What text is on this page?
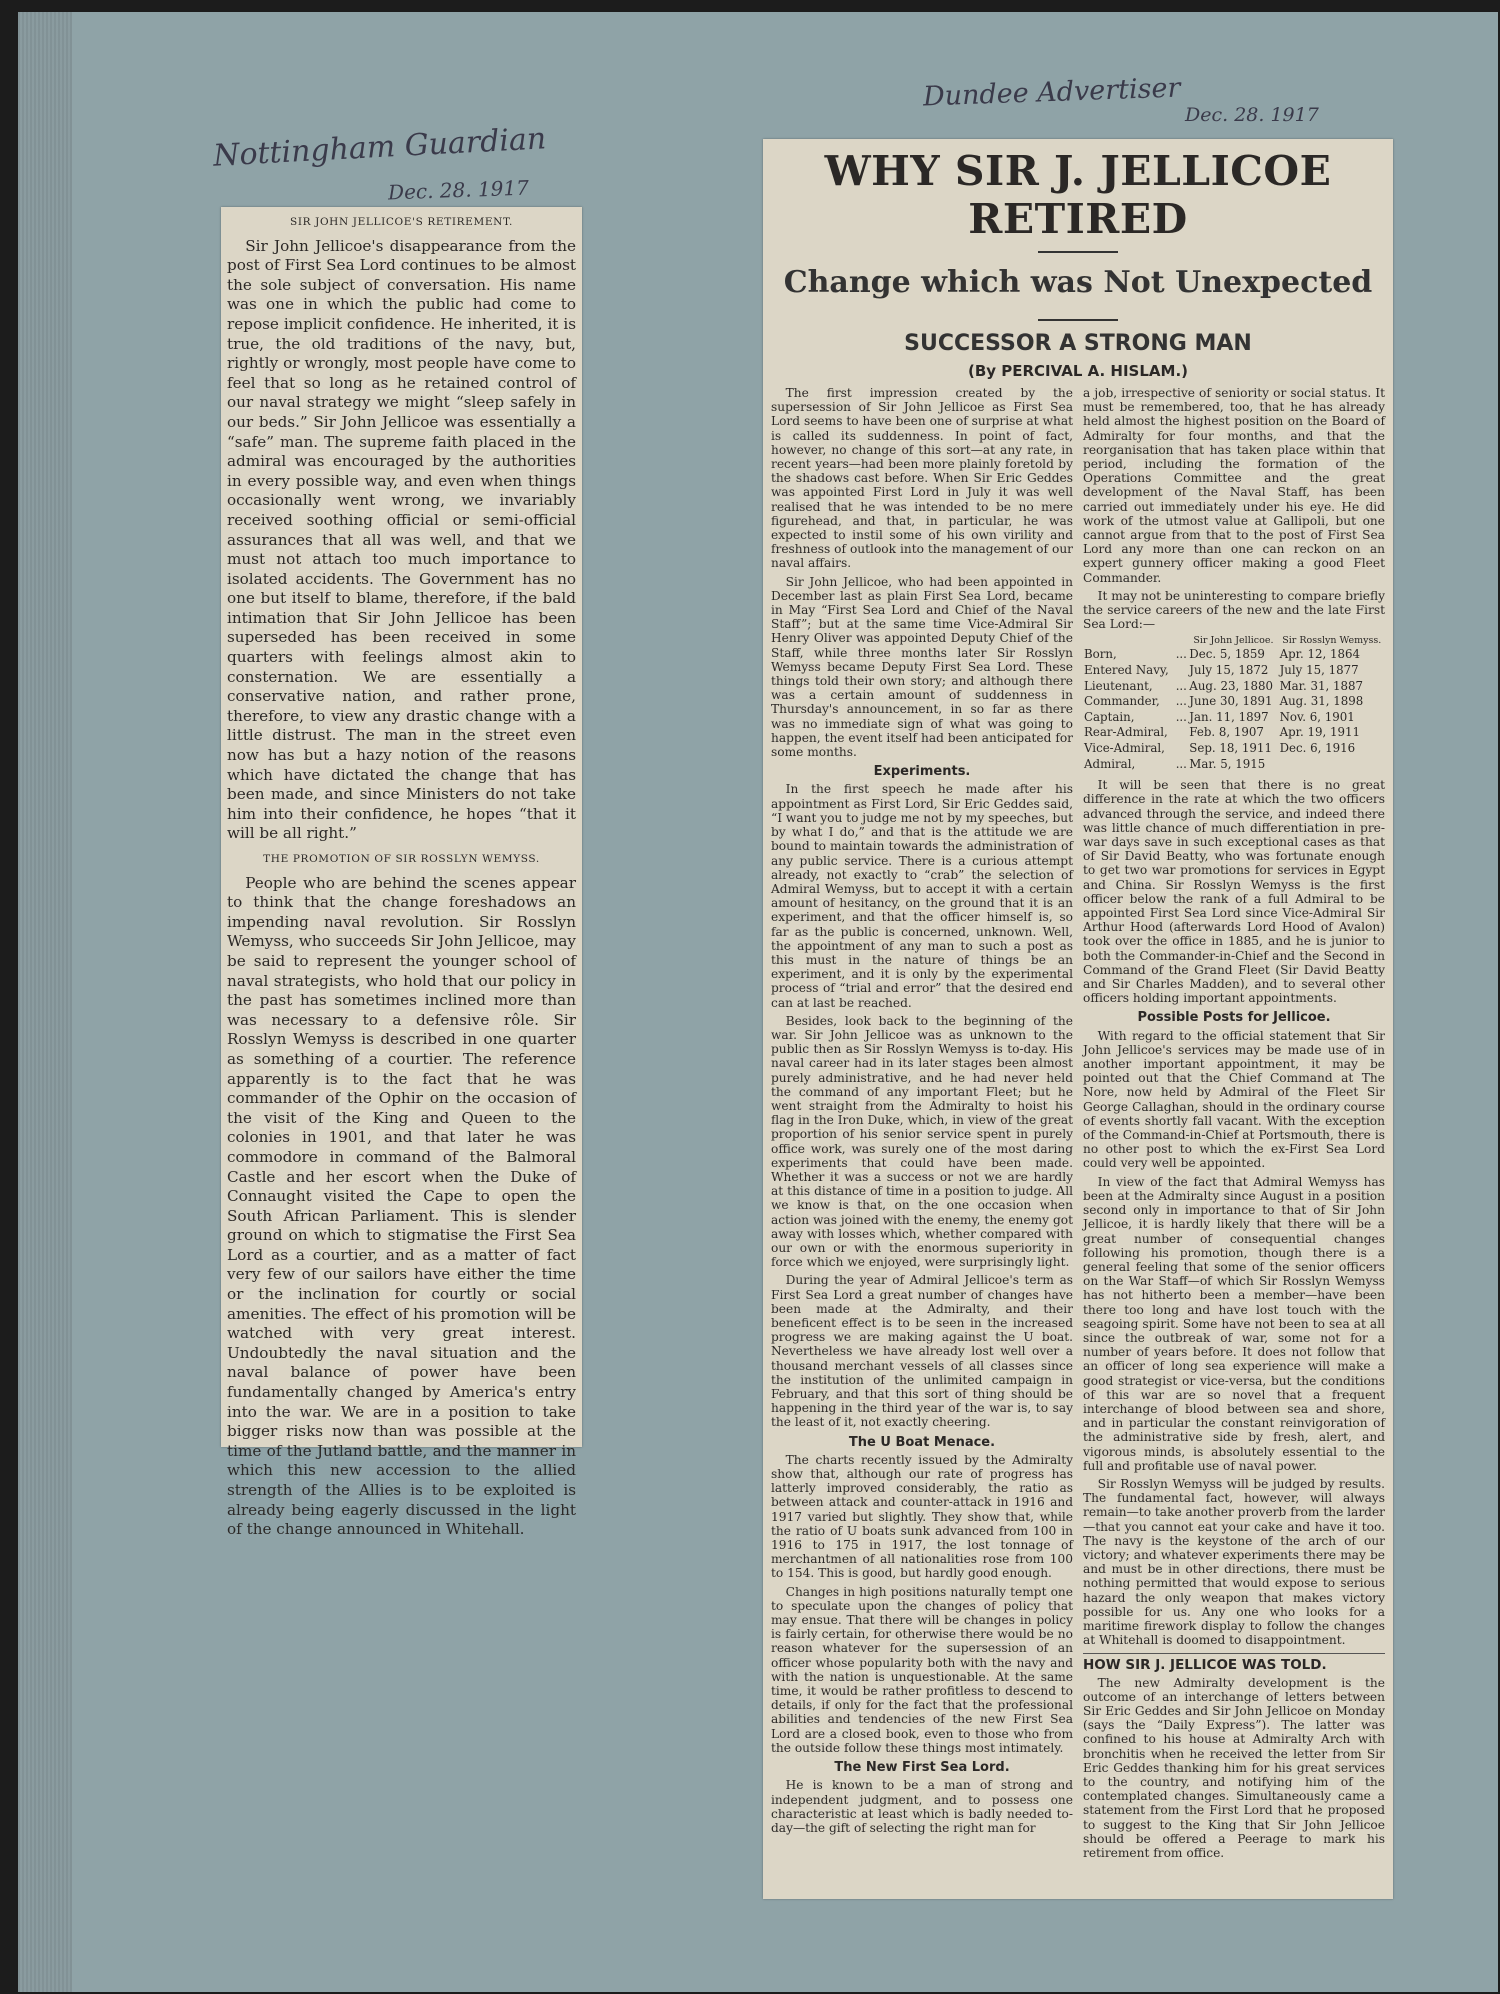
Nottingham Guardian
Dec. 28. 1917
Dundee Advertiser
Dec. 28. 1917
SIR JOHN JELLICOE'S RETIREMENT.

Sir John Jellicoe's disappearance from the post of First Sea Lord continues to be almost the sole subject of conversation. His name was one in which the public had come to repose implicit confidence. He inherited, it is true, the old traditions of the navy, but, rightly or wrongly, most people have come to feel that so long as he retained control of our naval strategy we might “sleep safely in our beds.” Sir John Jellicoe was essentially a “safe” man. The supreme faith placed in the admiral was encouraged by the authorities in every possible way, and even when things occasionally went wrong, we invariably received soothing official or semi-official assurances that all was well, and that we must not attach too much importance to isolated accidents. The Government has no one but itself to blame, therefore, if the bald intimation that Sir John Jellicoe has been superseded has been received in some quarters with feelings almost akin to consternation. We are essentially a conservative nation, and rather prone, therefore, to view any drastic change with a little distrust. The man in the street even now has but a hazy notion of the reasons which have dictated the change that has been made, and since Ministers do not take him into their confidence, he hopes “that it will be all right.”

THE PROMOTION OF SIR ROSSLYN WEMYSS.

People who are behind the scenes appear to think that the change foreshadows an impending naval revolution. Sir Rosslyn Wemyss, who succeeds Sir John Jellicoe, may be said to represent the younger school of naval strategists, who hold that our policy in the past has sometimes inclined more than was necessary to a defensive rôle. Sir Rosslyn Wemyss is described in one quarter as something of a courtier. The reference apparently is to the fact that he was commander of the Ophir on the occasion of the visit of the King and Queen to the colonies in 1901, and that later he was commodore in command of the Balmoral Castle and her escort when the Duke of Connaught visited the Cape to open the South African Parliament. This is slender ground on which to stigmatise the First Sea Lord as a courtier, and as a matter of fact very few of our sailors have either the time or the inclination for courtly or social amenities. The effect of his promotion will be watched with very great interest. Undoubtedly the naval situation and the naval balance of power have been fundamentally changed by America's entry into the war. We are in a position to take bigger risks now than was possible at the time of the Jutland battle, and the manner in which this new accession to the allied strength of the Allies is to be exploited is already being eagerly discussed in the light of the change announced in Whitehall.

WHY SIR J. JELLICOE RETIRED
Change which was Not Unexpected
SUCCESSOR A STRONG MAN
(By PERCIVAL A. HISLAM.)

The first impression created by the supersession of Sir John Jellicoe as First Sea Lord seems to have been one of surprise at what is called its suddenness. In point of fact, however, no change of this sort—at any rate, in recent years—had been more plainly foretold by the shadows cast before. When Sir Eric Geddes was appointed First Lord in July it was well realised that he was intended to be no mere figurehead, and that, in particular, he was expected to instil some of his own virility and freshness of outlook into the management of our naval affairs.

Sir John Jellicoe, who had been appointed in December last as plain First Sea Lord, became in May “First Sea Lord and Chief of the Naval Staff”; but at the same time Vice-Admiral Sir Henry Oliver was appointed Deputy Chief of the Staff, while three months later Sir Rosslyn Wemyss became Deputy First Sea Lord. These things told their own story; and although there was a certain amount of suddenness in Thursday's announcement, in so far as there was no immediate sign of what was going to happen, the event itself had been anticipated for some months.

Experiments.

In the first speech he made after his appointment as First Lord, Sir Eric Geddes said, “I want you to judge me not by my speeches, but by what I do,” and that is the attitude we are bound to maintain towards the administration of any public service. There is a curious attempt already, not exactly to “crab” the selection of Admiral Wemyss, but to accept it with a certain amount of hesitancy, on the ground that it is an experiment, and that the officer himself is, so far as the public is concerned, unknown. Well, the appointment of any man to such a post as this must in the nature of things be an experiment, and it is only by the experimental process of “trial and error” that the desired end can at last be reached.

Besides, look back to the beginning of the war. Sir John Jellicoe was as unknown to the public then as Sir Rosslyn Wemyss is to-day. His naval career had in its later stages been almost purely administrative, and he had never held the command of any important Fleet; but he went straight from the Admiralty to hoist his flag in the Iron Duke, which, in view of the great proportion of his senior service spent in purely office work, was surely one of the most daring experiments that could have been made. Whether it was a success or not we are hardly at this distance of time in a position to judge. All we know is that, on the one occasion when action was joined with the enemy, the enemy got away with losses which, whether compared with our own or with the enormous superiority in force which we enjoyed, were surprisingly light.

During the year of Admiral Jellicoe's term as First Sea Lord a great number of changes have been made at the Admiralty, and their beneficent effect is to be seen in the increased progress we are making against the U boat. Nevertheless we have already lost well over a thousand merchant vessels of all classes since the institution of the unlimited campaign in February, and that this sort of thing should be happening in the third year of the war is, to say the least of it, not exactly cheering.

The U Boat Menace.

The charts recently issued by the Admiralty show that, although our rate of progress has latterly improved considerably, the ratio as between attack and counter-attack in 1916 and 1917 varied but slightly. They show that, while the ratio of U boats sunk advanced from 100 in 1916 to 175 in 1917, the lost tonnage of merchantmen of all nationalities rose from 100 to 154. This is good, but hardly good enough.

Changes in high positions naturally tempt one to speculate upon the changes of policy that may ensue. That there will be changes in policy is fairly certain, for otherwise there would be no reason whatever for the supersession of an officer whose popularity both with the navy and with the nation is unquestionable. At the same time, it would be rather profitless to descend to details, if only for the fact that the professional abilities and tendencies of the new First Sea Lord are a closed book, even to those who from the outside follow these things most intimately.

The New First Sea Lord.

He is known to be a man of strong and independent judgment, and to possess one characteristic at least which is badly needed to-day—the gift of selecting the right man for

a job, irrespective of seniority or social status. It must be remembered, too, that he has already held almost the highest position on the Board of Admiralty for four months, and that the reorganisation that has taken place within that period, including the formation of the Operations Committee and the great development of the Naval Staff, has been carried out immediately under his eye. He did work of the utmost value at Gallipoli, but one cannot argue from that to the post of First Sea Lord any more than one can reckon on an expert gunnery officer making a good Fleet Commander.

It may not be uninteresting to compare briefly the service careers of the new and the late First Sea Lord:—

		Sir John Jellicoe.	Sir Rosslyn Wemyss.
Born,	...	Dec. 5, 1859	Apr. 12, 1864
Entered Navy,		July 15, 1872	July 15, 1877
Lieutenant,	...	Aug. 23, 1880	Mar. 31, 1887
Commander,	...	June 30, 1891	Aug. 31, 1898
Captain,	...	Jan. 11, 1897	Nov. 6, 1901
Rear-Admiral,		Feb. 8, 1907	Apr. 19, 1911
Vice-Admiral,		Sep. 18, 1911	Dec. 6, 1916
Admiral,	...	Mar. 5, 1915	

It will be seen that there is no great difference in the rate at which the two officers advanced through the service, and indeed there was little chance of much differentiation in pre-war days save in such exceptional cases as that of Sir David Beatty, who was fortunate enough to get two war promotions for services in Egypt and China. Sir Rosslyn Wemyss is the first officer below the rank of a full Admiral to be appointed First Sea Lord since Vice-Admiral Sir Arthur Hood (afterwards Lord Hood of Avalon) took over the office in 1885, and he is junior to both the Commander-in-Chief and the Second in Command of the Grand Fleet (Sir David Beatty and Sir Charles Madden), and to several other officers holding important appointments.

Possible Posts for Jellicoe.

With regard to the official statement that Sir John Jellicoe's services may be made use of in another important appointment, it may be pointed out that the Chief Command at The Nore, now held by Admiral of the Fleet Sir George Callaghan, should in the ordinary course of events shortly fall vacant. With the exception of the Command-in-Chief at Portsmouth, there is no other post to which the ex-First Sea Lord could very well be appointed.

In view of the fact that Admiral Wemyss has been at the Admiralty since August in a position second only in importance to that of Sir John Jellicoe, it is hardly likely that there will be a great number of consequential changes following his promotion, though there is a general feeling that some of the senior officers on the War Staff—of which Sir Rosslyn Wemyss has not hitherto been a member—have been there too long and have lost touch with the seagoing spirit. Some have not been to sea at all since the outbreak of war, some not for a number of years before. It does not follow that an officer of long sea experience will make a good strategist or vice-versa, but the conditions of this war are so novel that a frequent interchange of blood between sea and shore, and in particular the constant reinvigoration of the administrative side by fresh, alert, and vigorous minds, is absolutely essential to the full and profitable use of naval power.

Sir Rosslyn Wemyss will be judged by results. The fundamental fact, however, will always remain—to take another proverb from the larder—that you cannot eat your cake and have it too. The navy is the keystone of the arch of our victory; and whatever experiments there may be and must be in other directions, there must be nothing permitted that would expose to serious hazard the only weapon that makes victory possible for us. Any one who looks for a maritime firework display to follow the changes at Whitehall is doomed to disappointment.

HOW SIR J. JELLICOE WAS TOLD.

The new Admiralty development is the outcome of an interchange of letters between Sir Eric Geddes and Sir John Jellicoe on Monday (says the “Daily Express”). The latter was confined to his house at Admiralty Arch with bronchitis when he received the letter from Sir Eric Geddes thanking him for his great services to the country, and notifying him of the contemplated changes. Simultaneously came a statement from the First Lord that he proposed to suggest to the King that Sir John Jellicoe should be offered a Peerage to mark his retirement from office.
